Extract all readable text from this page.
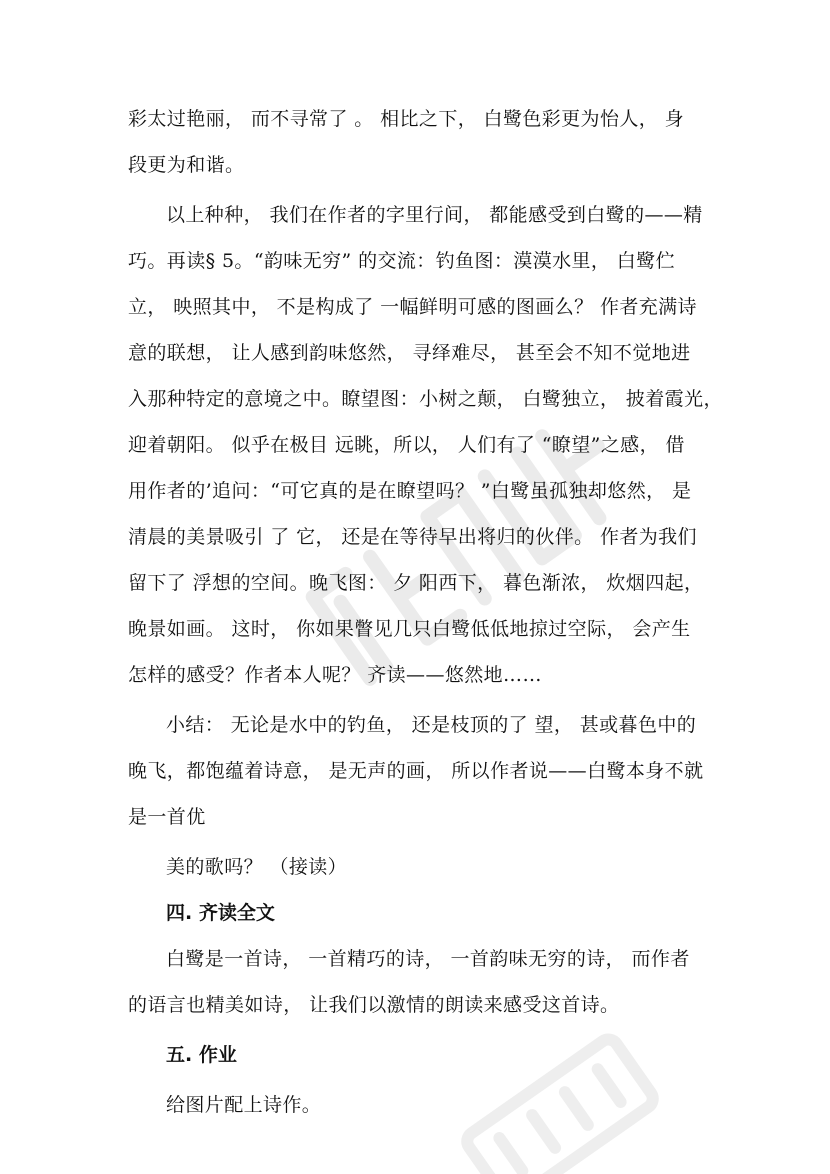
彩太过艳丽， 而不寻常了 。 相比之下， 白鹭色彩更为怡人， 身

段更为和谐。

以上种种， 我们在作者的字里行间， 都能感受到白鹭的——精

巧。再读§ 5。“韵味无穷” 的交流：钓鱼图：漠漠水里， 白鹭伫

立， 映照其中， 不是构成了 一幅鲜明可感的图画么？ 作者充满诗

意的联想， 让人感到韵味悠然， 寻绎难尽， 甚至会不知不觉地进

入那种特定的意境之中。瞭望图：小树之颠， 白鹭独立， 披着霞光，

迎着朝阳。 似乎在极目 远眺，所以， 人们有了 “瞭望”之感， 借

用作者的’追问：“可它真的是在瞭望吗？ ”白鹭虽孤独却悠然， 是

清晨的美景吸引 了 它， 还是在等待早出将归的伙伴。 作者为我们

留下了 浮想的空间。晚飞图： 夕 阳西下， 暮色渐浓， 炊烟四起，

晚景如画。 这时， 你如果瞥见几只白鹭低低地掠过空际， 会产生

怎样的感受？作者本人呢？ 齐读——悠然地……

小结： 无论是水中的钓鱼， 还是枝顶的了 望， 甚或暮色中的

晚飞，都饱蕴着诗意， 是无声的画， 所以作者说——白鹭本身不就

是一首优

美的歌吗？ （接读）

四. 齐读全文

白鹭是一首诗， 一首精巧的诗， 一首韵味无穷的诗， 而作者

的语言也精美如诗， 让我们以激情的朗读来感受这首诗。

五. 作业

给图片配上诗作。
